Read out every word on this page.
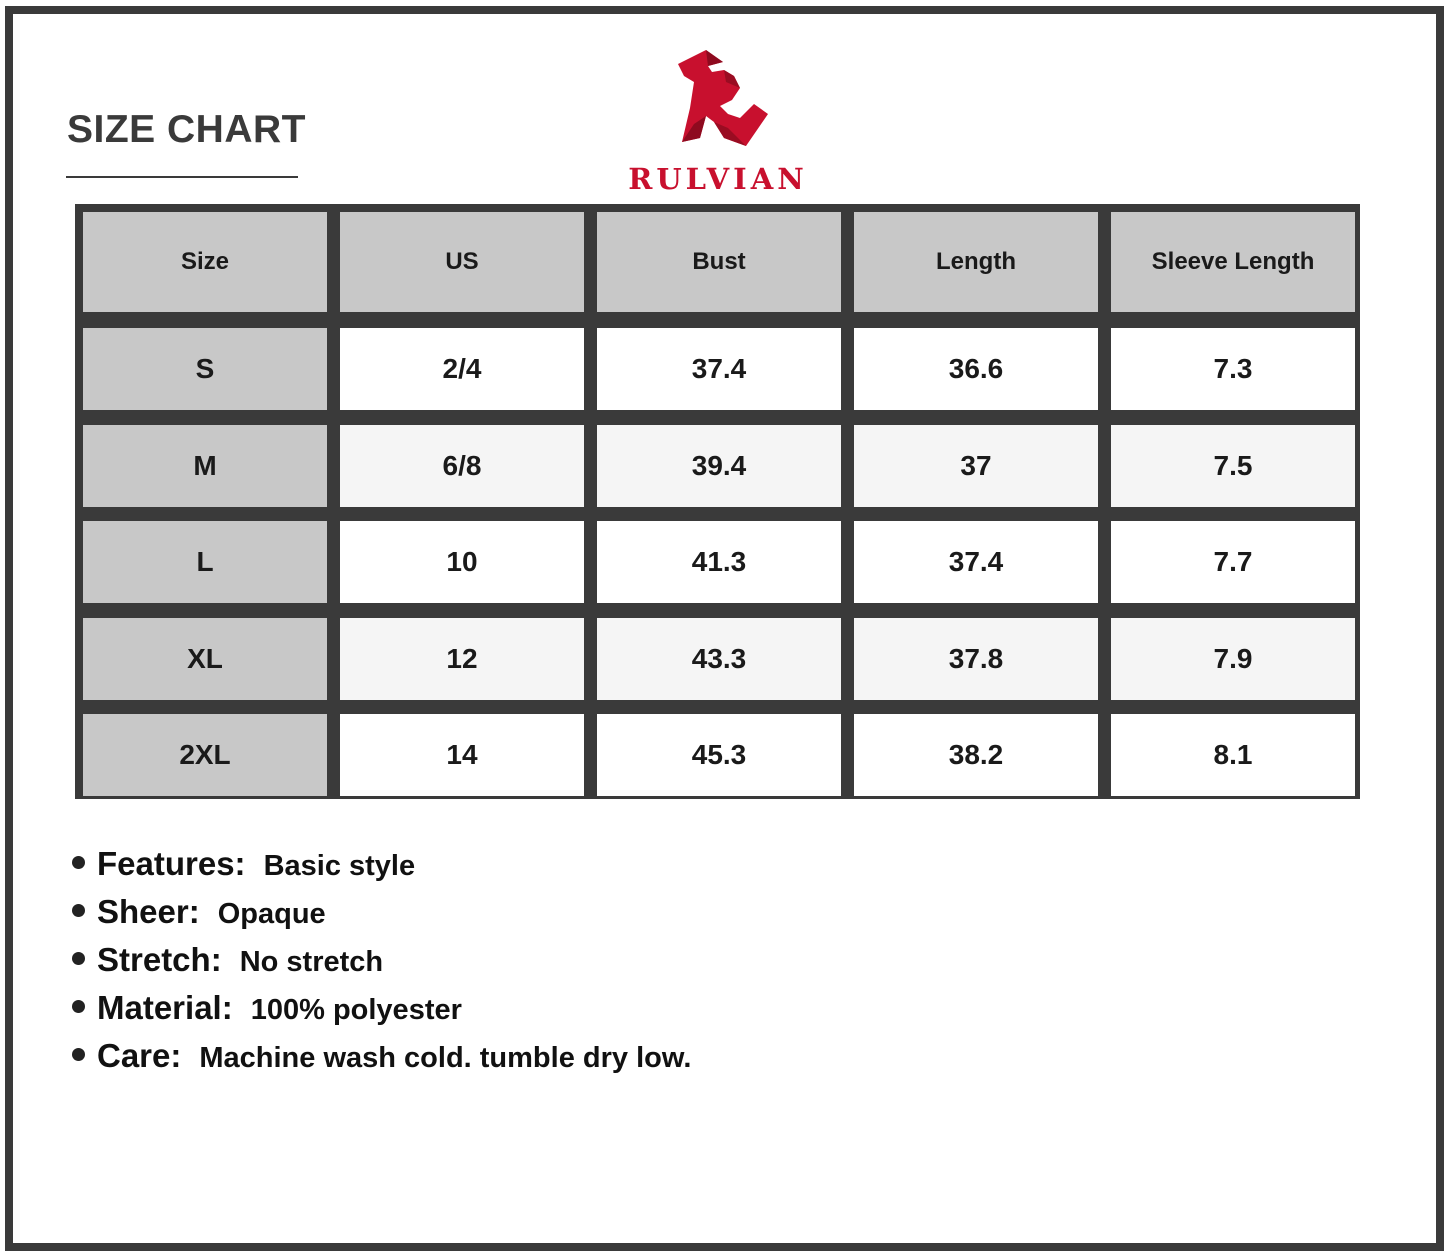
SIZE CHART
RULVIAN
Size	US	Bust	Length	Sleeve Length
S	2/4	37.4	36.6	7.3
M	6/8	39.4	37	7.5
L	10	41.3	37.4	7.7
XL	12	43.3	37.8	7.9
2XL	14	45.3	38.2	8.1
Features: Basic style
Sheer: Opaque
Stretch: No stretch
Material: 100% polyester
Care: Machine wash cold. tumble dry low.
